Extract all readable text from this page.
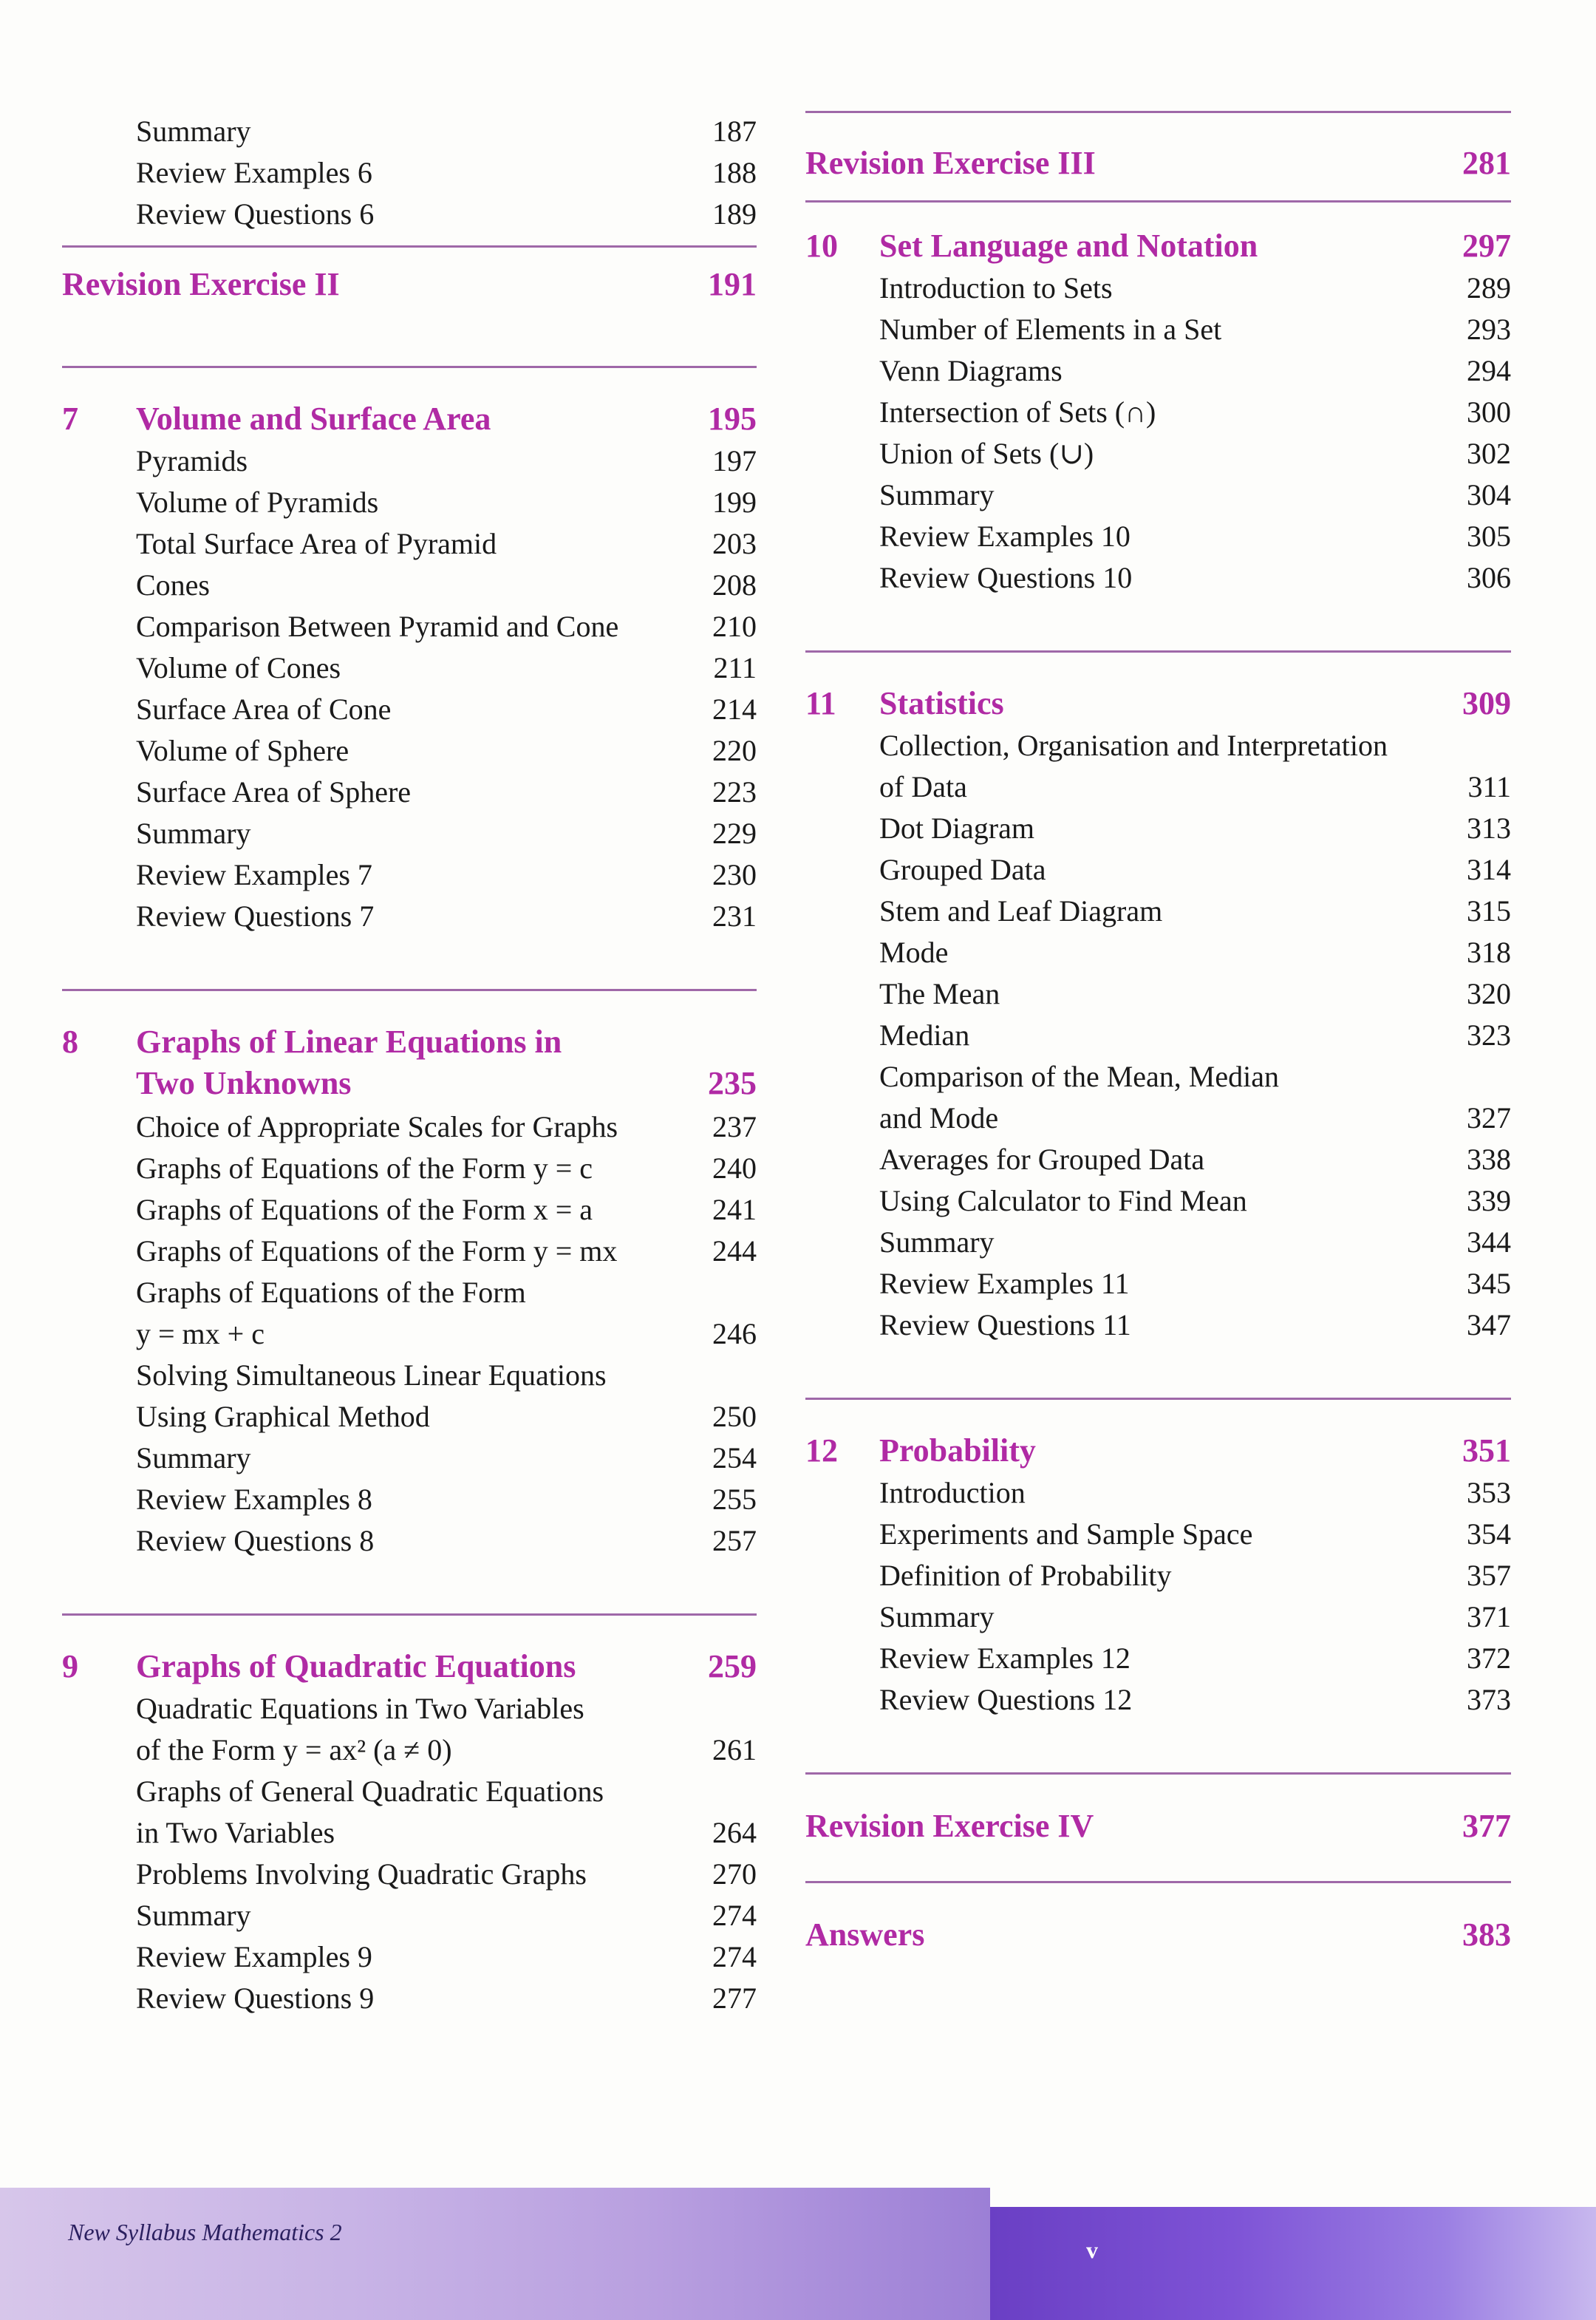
Summary	187
Review Examples 6	188
Review Questions 6	189
Revision Exercise II	191
7 Volume and Surface Area	195
Pyramids	197
Volume of Pyramids	199
Total Surface Area of Pyramid	203
Cones	208
Comparison Between Pyramid and Cone	210
Volume of Cones	211
Surface Area of Cone	214
Volume of Sphere	220
Surface Area of Sphere	223
Summary	229
Review Examples 7	230
Review Questions 7	231
8 Graphs of Linear Equations in
Two Unknowns	235
Choice of Appropriate Scales for Graphs	237
Graphs of Equations of the Form y = c	240
Graphs of Equations of the Form x = a	241
Graphs of Equations of the Form y = mx	244
Graphs of Equations of the Form
y = mx + c	246
Solving Simultaneous Linear Equations
Using Graphical Method	250
Summary	254
Review Examples 8	255
Review Questions 8	257
9 Graphs of Quadratic Equations	259
Quadratic Equations in Two Variables
of the Form y = ax² (a ≠ 0)	261
Graphs of General Quadratic Equations
in Two Variables	264
Problems Involving Quadratic Graphs	270
Summary	274
Review Examples 9	274
Review Questions 9	277
Revision Exercise III	281
10 Set Language and Notation	297
Introduction to Sets	289
Number of Elements in a Set	293
Venn Diagrams	294
Intersection of Sets (∩)	300
Union of Sets (∪)	302
Summary	304
Review Examples 10	305
Review Questions 10	306
11 Statistics	309
Collection, Organisation and Interpretation
of Data	311
Dot Diagram	313
Grouped Data	314
Stem and Leaf Diagram	315
Mode	318
The Mean	320
Median	323
Comparison of the Mean, Median
and Mode	327
Averages for Grouped Data	338
Using Calculator to Find Mean	339
Summary	344
Review Examples 11	345
Review Questions 11	347
12 Probability	351
Introduction	353
Experiments and Sample Space	354
Definition of Probability	357
Summary	371
Review Examples 12	372
Review Questions 12	373
Revision Exercise IV	377
Answers	383
New Syllabus Mathematics 2
v
